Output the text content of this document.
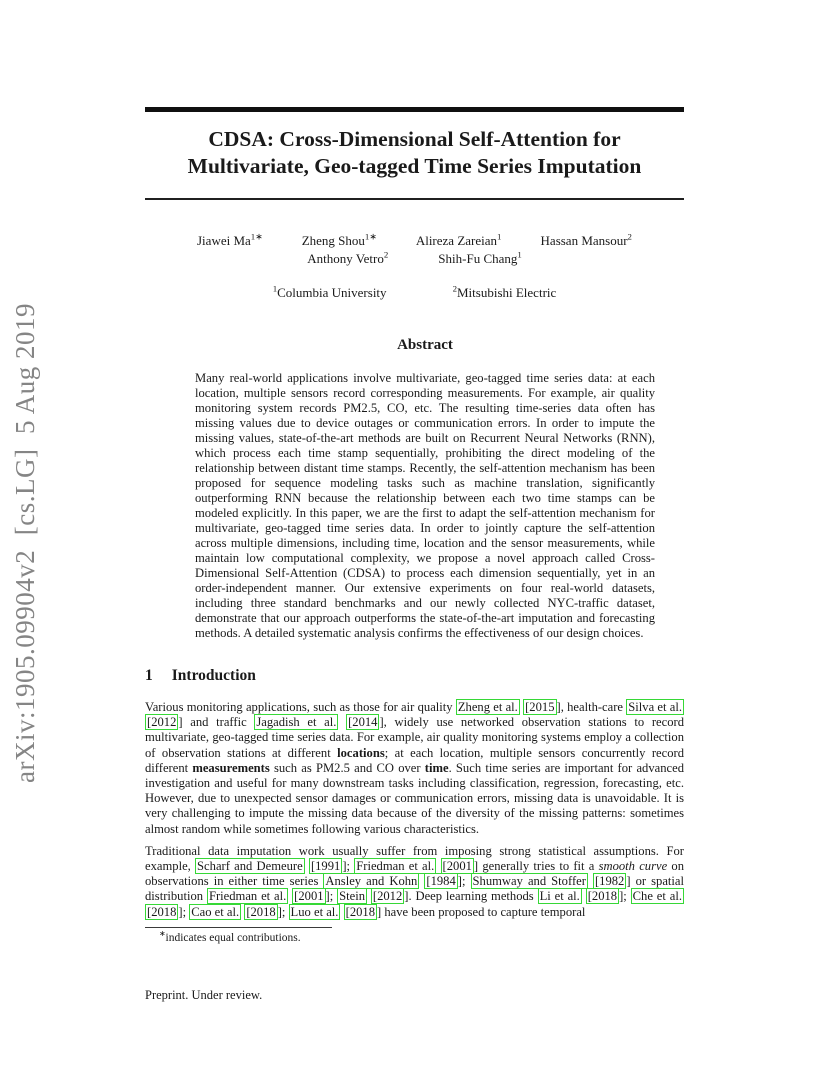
arXiv:1905.09904v2  [cs.LG]  5 Aug 2019
CDSA: Cross-Dimensional Self-Attention for
Multivariate, Geo-tagged Time Series Imputation
Jiawei $Ma^{1∗}$	Zheng Shou$^{1∗}$	Alireza Zareian$^1$	Hassan Mansour$^2$
Anthony Vetro$^2$	Shih-Fu Chang$^1$
$^1$Columbia University	$^2$Mitsubishi Electric
Abstract

Many real-world applications involve multivariate, geo-tagged time series data: at each location, multiple sensors record corresponding measurements. For example, air quality monitoring system records PM2.5, CO, etc. The resulting time-series data often has missing values due to device outages or communication errors. In order to impute the missing values, state-of-the-art methods are built on Recurrent Neural Networks (RNN), which process each time stamp sequentially, prohibiting the direct modeling of the relationship between distant time stamps. Recently, the self-attention mechanism has been proposed for sequence modeling tasks such as machine translation, significantly outperforming RNN because the relationship between each two time stamps can be modeled explicitly. In this paper, we are the first to adapt the self-attention mechanism for multivariate, geo-tagged time series data. In order to jointly capture the self-attention across multiple dimensions, including time, location and the sensor measurements, while maintain low computational complexity, we propose a novel approach called Cross-Dimensional Self-Attention (CDSA) to process each dimension sequentially, yet in an order-independent manner. Our extensive experiments on four real-world datasets, including three standard benchmarks and our newly collected NYC-traffic dataset, demonstrate that our approach outperforms the state-of-the-art imputation and forecasting methods. A detailed systematic analysis confirms the effectiveness of our design choices.

1 Introduction

Various monitoring applications, such as those for air quality Zheng et al. [2015 ], health-care Silva et al. [2012 ] and traffic Jagadish et al. [2014 ], widely use networked observation stations to record multivariate, geo-tagged time series data. For example, air quality monitoring systems employ a collection of observation stations at different locations; at each location, multiple sensors concurrently record different measurements such as PM2.5 and CO over time. Such time series are important for advanced investigation and useful for many downstream tasks including classification, regression, forecasting, etc. However, due to unexpected sensor damages or communication errors, missing data is unavoidable. It is very challenging to impute the missing data because of the diversity of the missing patterns: sometimes almost random while sometimes following various characteristics.

Traditional data imputation work usually suffer from imposing strong statistical assumptions. For example, Scharf and Demeure [1991 ]; Friedman et al. [2001 ] generally tries to fit a smooth curve on observations in either time series Ansley and Kohn [1984 ]; Shumway and Stoffer [1982 ] or spatial distribution Friedman et al. [2001 ]; Stein [2012 ]. Deep learning methods Li et al. [2018 ]; Che et al. [2018 ]; Cao et al. [2018 ]; Luo et al. [2018 ] have been proposed to capture temporal

∗indicates equal contributions.
Preprint. Under review.
